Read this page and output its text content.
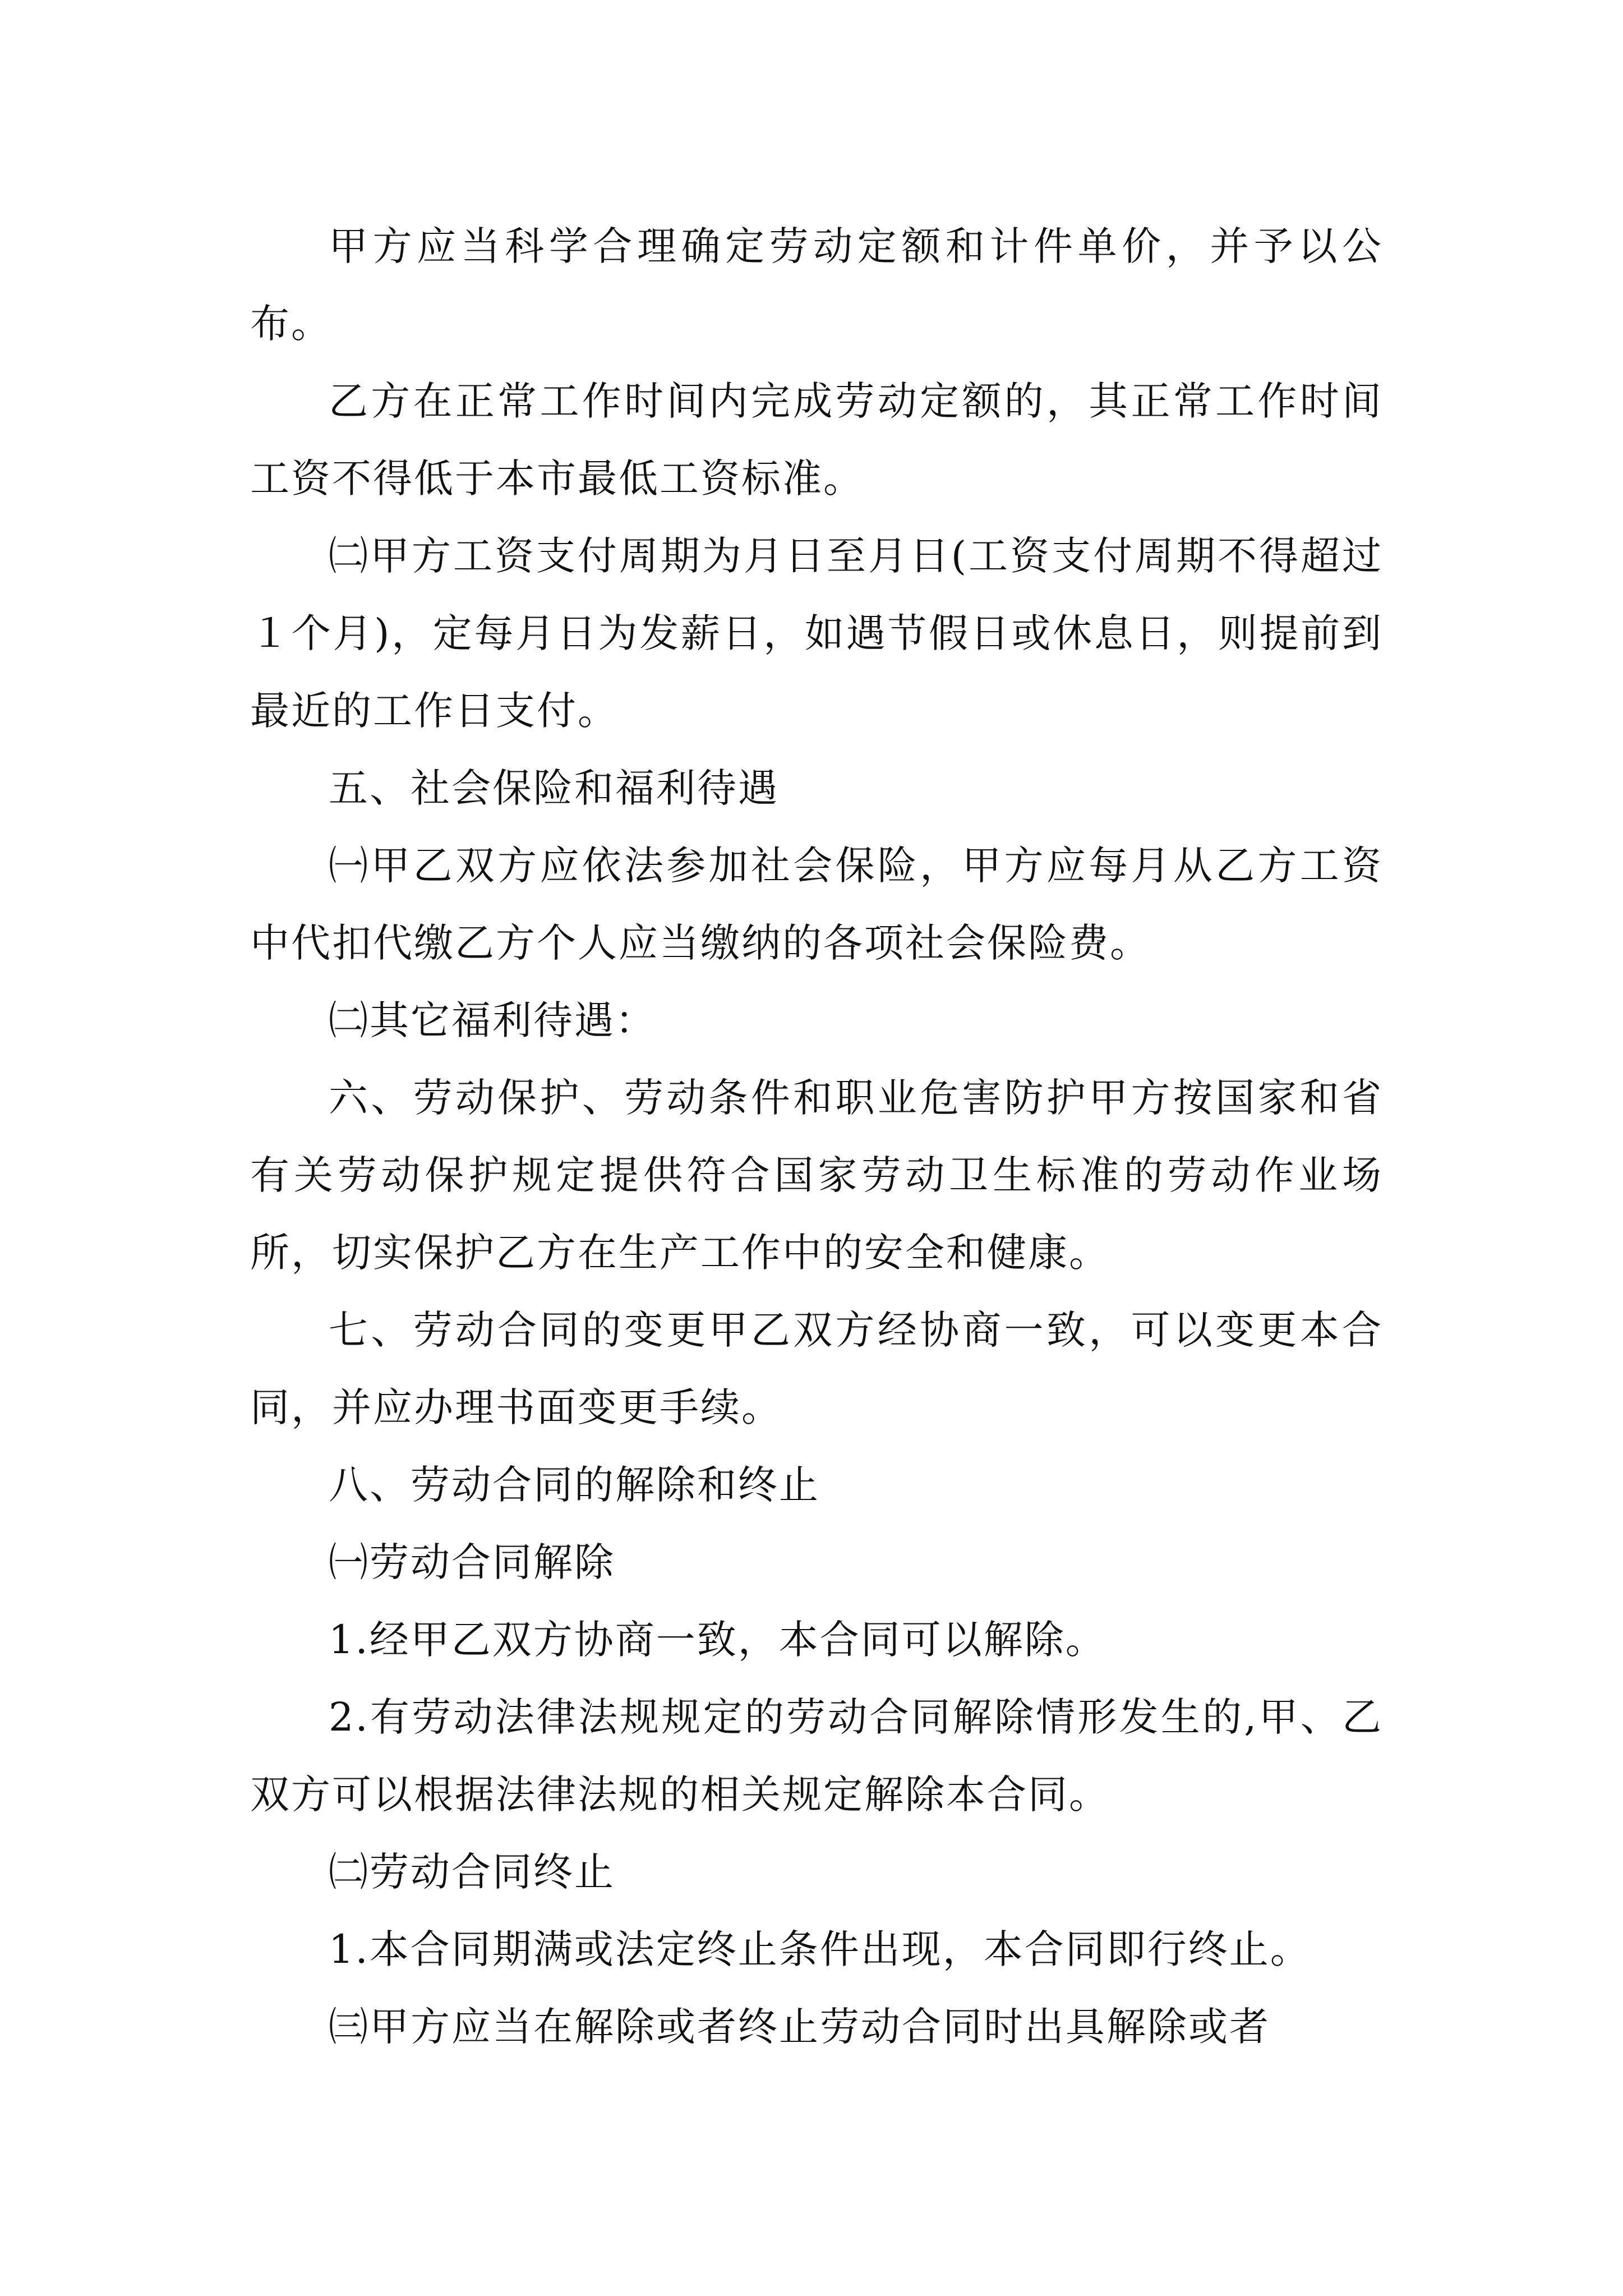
甲方应当科学合理确定劳动定额和计件单价，并予以公布。

乙方在正常工作时间内完成劳动定额的，其正常工作时间工资不得低于本市最低工资标准。

㈡甲方工资支付周期为月日至月日(工资支付周期不得超过１个月)，定每月日为发薪日，如遇节假日或休息日，则提前到最近的工作日支付。

五、社会保险和福利待遇

㈠甲乙双方应依法参加社会保险，甲方应每月从乙方工资中代扣代缴乙方个人应当缴纳的各项社会保险费。

㈡其它福利待遇：

六、劳动保护、劳动条件和职业危害防护甲方按国家和省有关劳动保护规定提供符合国家劳动卫生标准的劳动作业场所，切实保护乙方在生产工作中的安全和健康。

七、劳动合同的变更甲乙双方经协商一致，可以变更本合同，并应办理书面变更手续。

八、劳动合同的解除和终止

㈠劳动合同解除

1.经甲乙双方协商一致，本合同可以解除。

2.有劳动法律法规规定的劳动合同解除情形发生的,甲、乙双方可以根据法律法规的相关规定解除本合同。

㈡劳动合同终止

1.本合同期满或法定终止条件出现，本合同即行终止。

㈢甲方应当在解除或者终止劳动合同时出具解除或者
